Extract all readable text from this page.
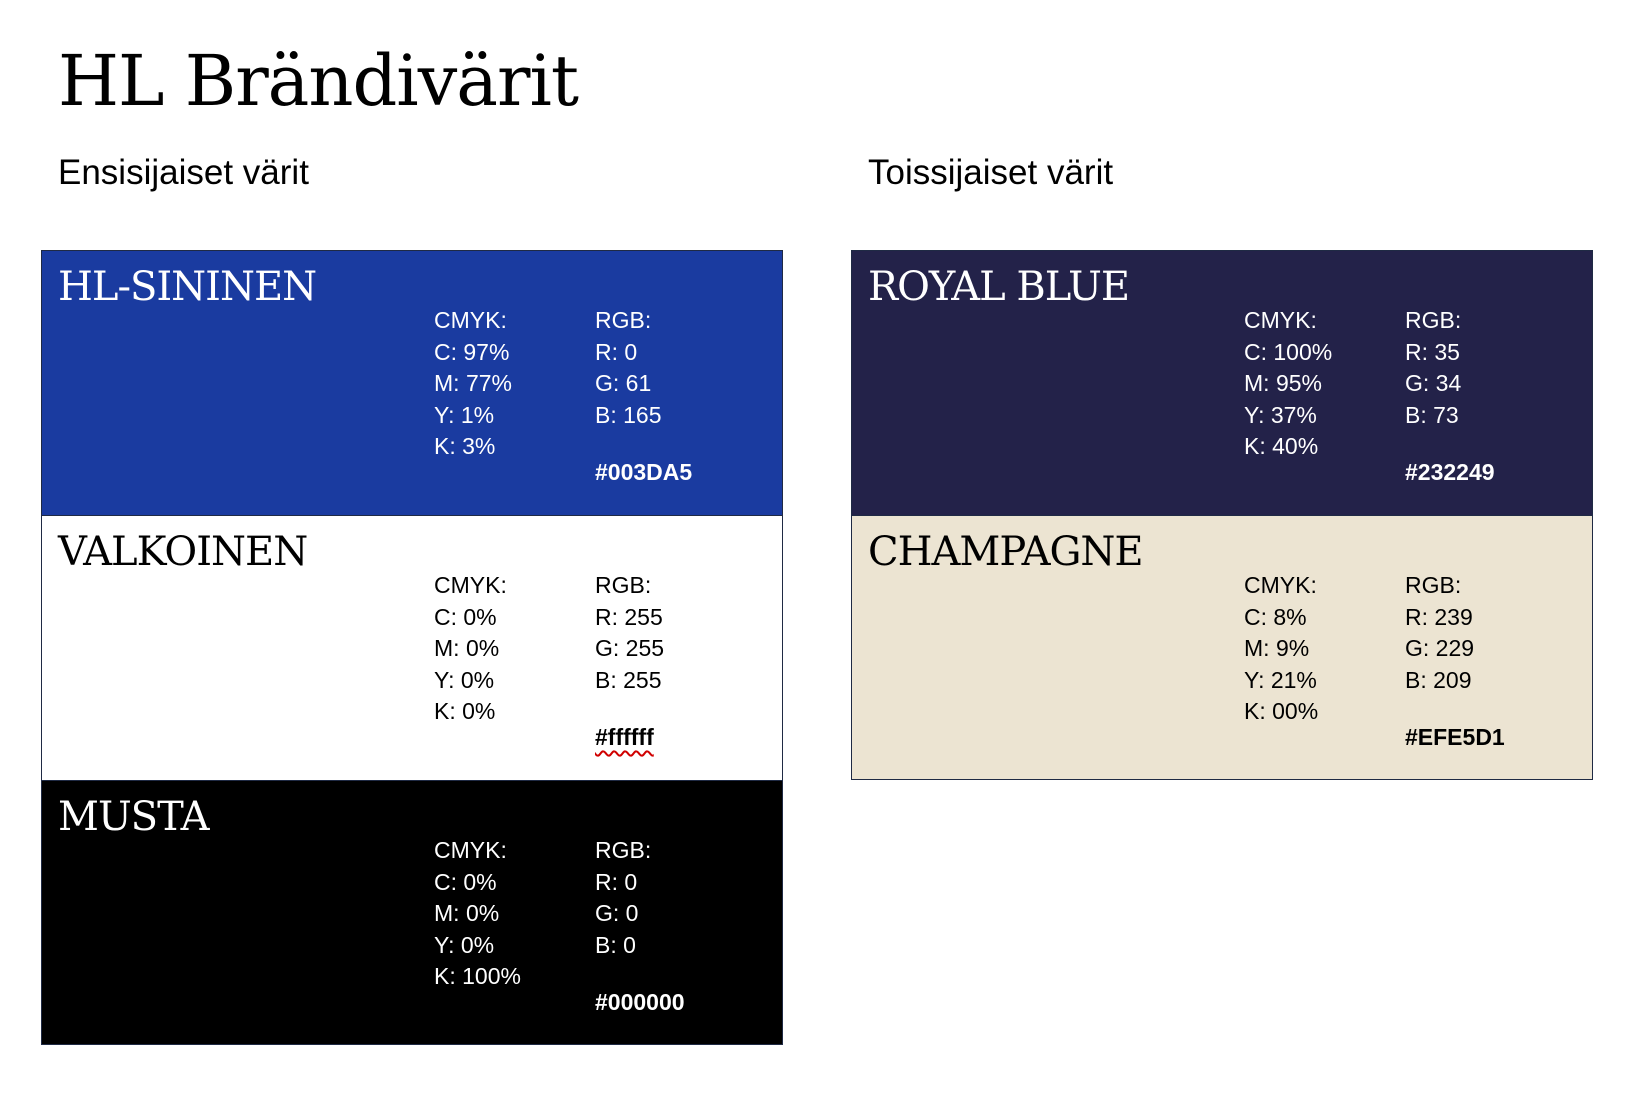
HL Brändivärit
Ensisijaiset värit	Toissijaiset värit
HL-SININEN
CMYK:
C: 97%
M: 77%
Y: 1%
K: 3%
RGB:
R: 0
G: 61
B: 165
#003DA5
VALKOINEN
CMYK:
C: 0%
M: 0%
Y: 0%
K: 0%
RGB:
R: 255
G: 255
B: 255
#ffffff
MUSTA
CMYK:
C: 0%
M: 0%
Y: 0%
K: 100%
RGB:
R: 0
G: 0
B: 0
#000000
ROYAL BLUE
CMYK:
C: 100%
M: 95%
Y: 37%
K: 40%
RGB:
R: 35
G: 34
B: 73
#232249
CHAMPAGNE
CMYK:
C: 8%
M: 9%
Y: 21%
K: 00%
RGB:
R: 239
G: 229
B: 209
#EFE5D1
